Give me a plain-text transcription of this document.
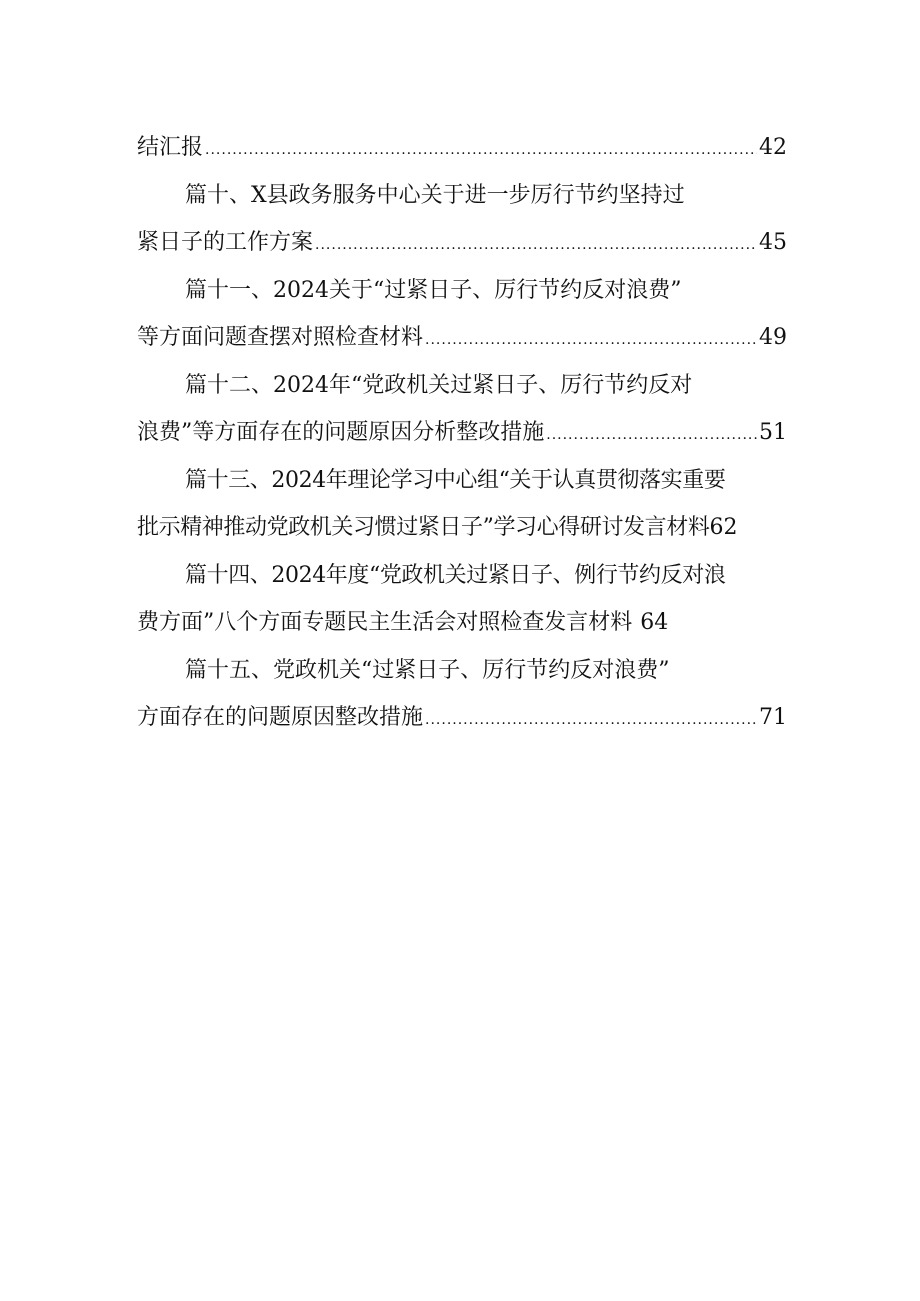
结汇报 .....	42
篇十、X县政务服务中心关于进一步厉行节约坚持过
紧日子的工作方案 .....	45
篇十一、2024关于“过紧日子、厉行节约反对浪费”
等方面问题查摆对照检查材料 .....	49
篇十二、2024年“党政机关过紧日子、厉行节约反对
浪费”等方面存在的问题原因分析整改措施 .....	51
篇十三、2024年理论学习中心组“关于认真贯彻落实重要
批示精神推动党政机关习惯过紧日子”学习心得研讨发言材料 62
篇十四、2024年度“党政机关过紧日子、例行节约反对浪
费方面”八个方面专题民主生活会对照检查发言材料 64
篇十五、党政机关“过紧日子、厉行节约反对浪费”
方面存在的问题原因整改措施 .....	71
